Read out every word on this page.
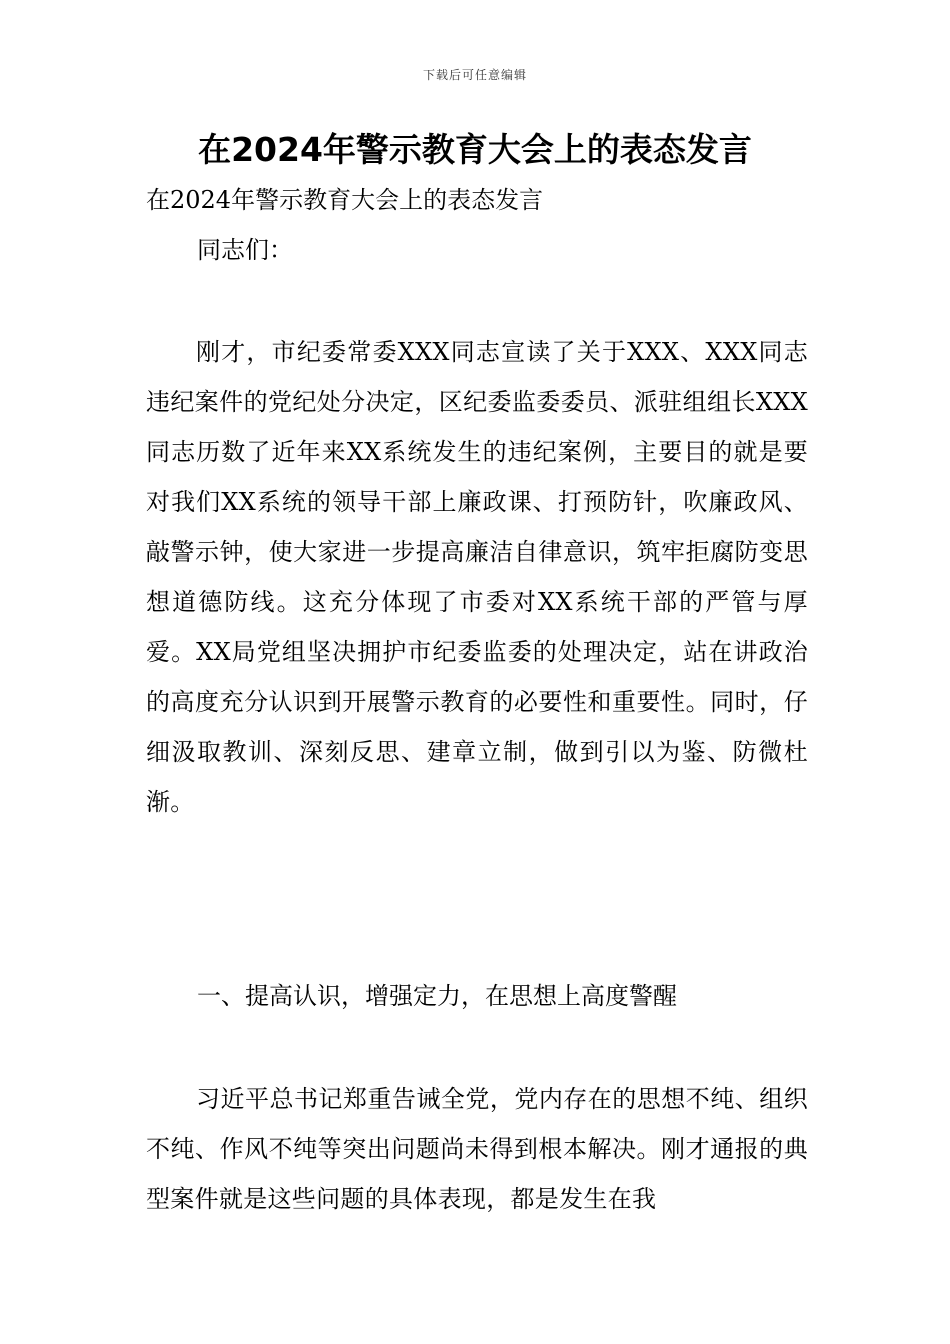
下载后可任意编辑
在2024年警示教育大会上的表态发言
在2024年警示教育大会上的表态发言
同志们：

刚才，市纪委常委XXX同志宣读了关于XXX、XXX同志违纪案件的党纪处分决定，区纪委监委委员、派驻组组长XXX同志历数了近年来XX系统发生的违纪案例，主要目的就是要对我们XX系统的领导干部上廉政课、打预防针，吹廉政风、敲警示钟，使大家进一步提高廉洁自律意识，筑牢拒腐防变思想道德防线。这充分体现了市委对XX系统干部的严管与厚爱。XX局党组坚决拥护市纪委监委的处理决定，站在讲政治的高度充分认识到开展警示教育的必要性和重要性。同时，仔细汲取教训、深刻反思、建章立制，做到引以为鉴、防微杜渐。

一、提高认识，增强定力，在思想上高度警醒

习近平总书记郑重告诫全党，党内存在的思想不纯、组织不纯、作风不纯等突出问题尚未得到根本解决。刚才通报的典型案件就是这些问题的具体表现，都是发生在我
